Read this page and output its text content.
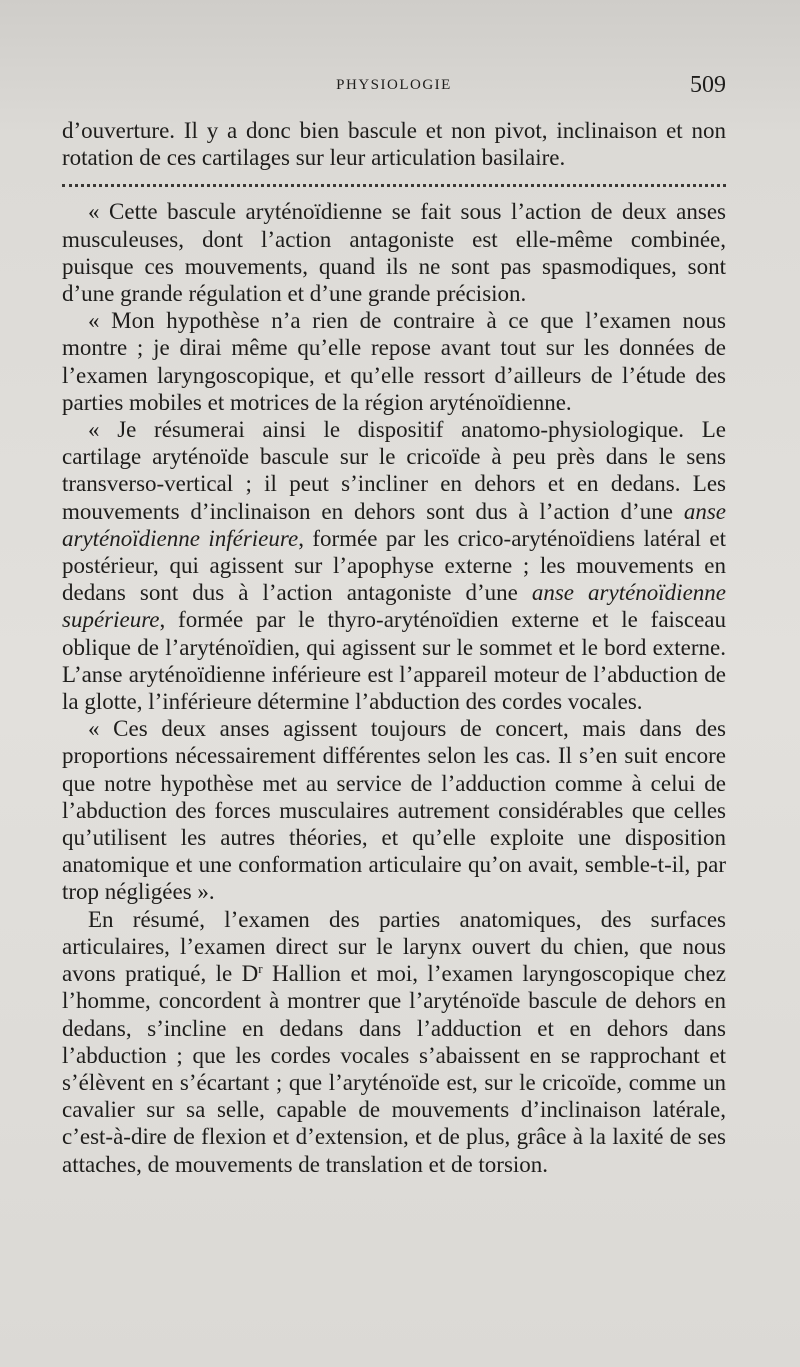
PHYSIOLOGIE	509

d’ouverture. Il y a donc bien bascule et non pivot, inclinaison et non rotation de ces cartilages sur leur articulation basilaire.

« Cette bascule aryténoïdienne se fait sous l’action de deux anses musculeuses, dont l’action antagoniste est elle-même combinée, puisque ces mouvements, quand ils ne sont pas spasmodiques, sont d’une grande régulation et d’une grande précision.

« Mon hypothèse n’a rien de contraire à ce que l’examen nous montre ; je dirai même qu’elle repose avant tout sur les données de l’examen laryngoscopique, et qu’elle ressort d’ailleurs de l’étude des parties mobiles et motrices de la région aryténoïdienne.

« Je résumerai ainsi le dispositif anatomo-physiologique. Le cartilage aryténoïde bascule sur le cricoïde à peu près dans le sens transverso-vertical ; il peut s’incliner en dehors et en dedans. Les mouvements d’inclinaison en dehors sont dus à l’action d’une anse aryténoïdienne inférieure, formée par les crico-aryténoïdiens latéral et postérieur, qui agissent sur l’apophyse externe ; les mouvements en dedans sont dus à l’action antagoniste d’une anse aryténoïdienne supérieure, formée par le thyro-aryténoïdien externe et le faisceau oblique de l’aryténoïdien, qui agissent sur le sommet et le bord externe. L’anse aryténoïdienne inférieure est l’appareil moteur de l’abduction de la glotte, l’inférieure détermine l’abduction des cordes vocales.

« Ces deux anses agissent toujours de concert, mais dans des proportions nécessairement différentes selon les cas. Il s’en suit encore que notre hypothèse met au service de l’adduction comme à celui de l’abduction des forces musculaires autrement considérables que celles qu’utilisent les autres théories, et qu’elle exploite une disposition anatomique et une conformation articulaire qu’on avait, semble-t-il, par trop négligées ».

En résumé, l’examen des parties anatomiques, des surfaces articulaires, l’examen direct sur le larynx ouvert du chien, que nous avons pratiqué, le $D^r$ Hallion et moi, l’examen laryngoscopique chez l’homme, concordent à montrer que l’aryténoïde bascule de dehors en dedans, s’incline en dedans dans l’adduction et en dehors dans l’abduction ; que les cordes vocales s’abaissent en se rapprochant et s’élèvent en s’écartant ; que l’aryténoïde est, sur le cricoïde, comme un cavalier sur sa selle, capable de mouvements d’inclinaison latérale, c’est-à-dire de flexion et d’extension, et de plus, grâce à la laxité de ses attaches, de mouvements de translation et de torsion.
